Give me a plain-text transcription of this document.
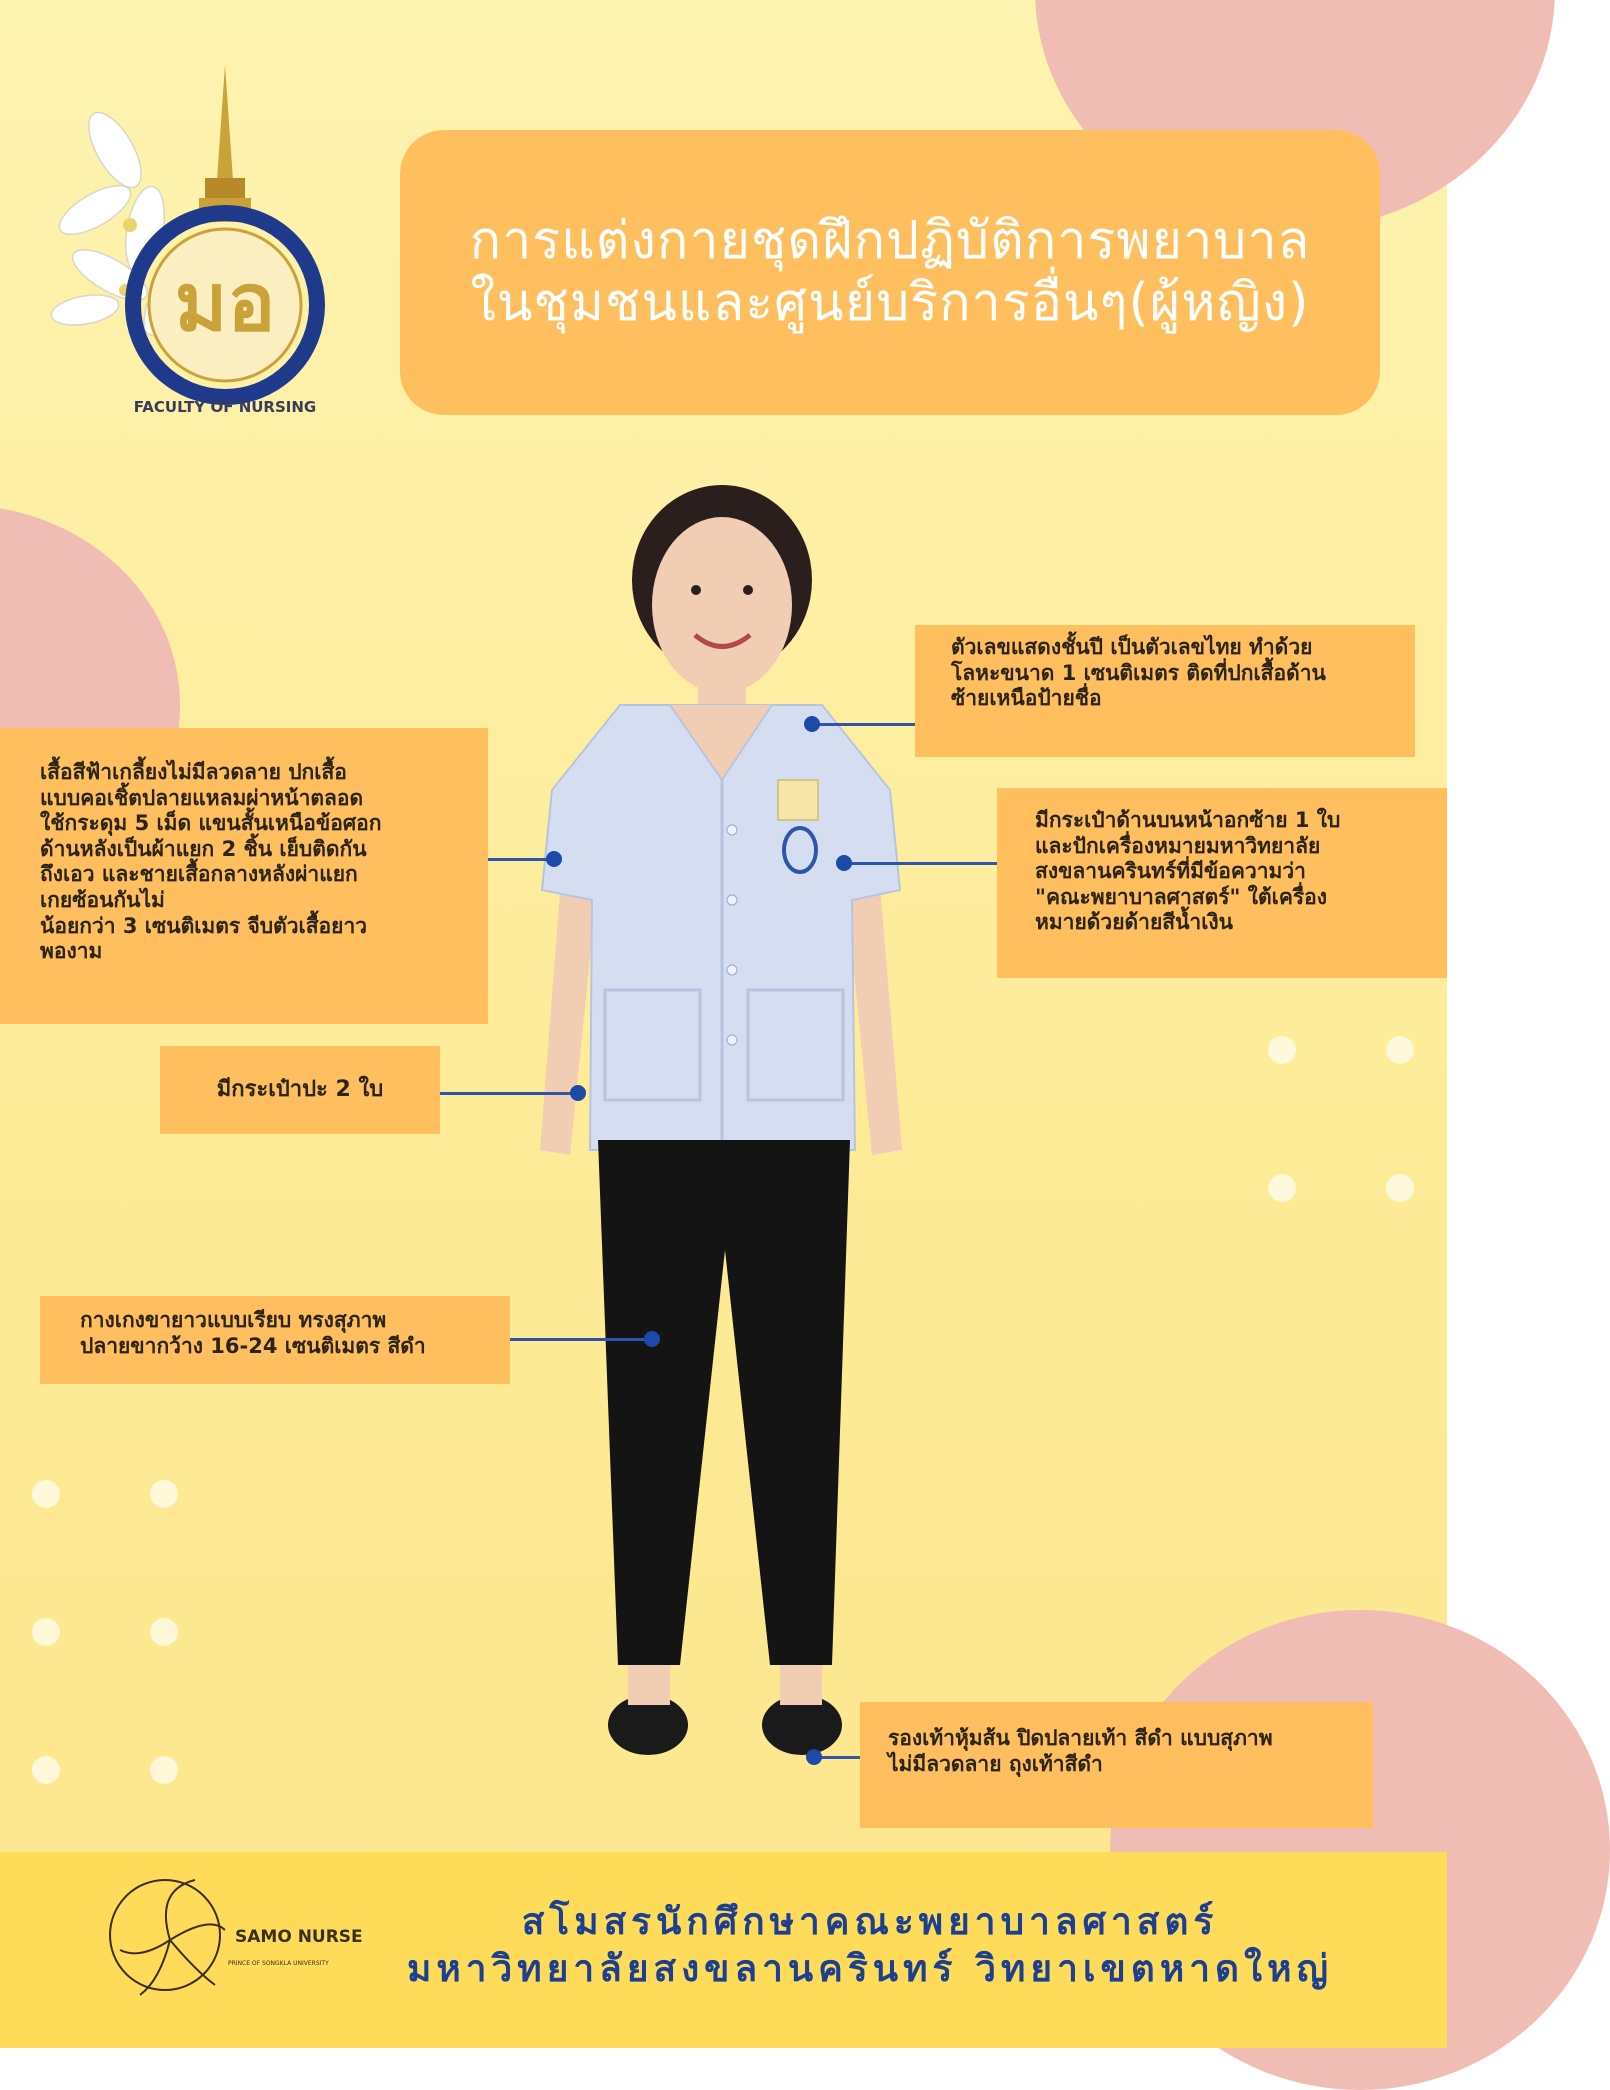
มอ
FACULTY OF NURSING
การแต่งกายชุดฝึกปฏิบัติการพยาบาล
ในชุมชนและศูนย์บริการอื่นๆ(ผู้หญิง)
ตัวเลขแสดงชั้นปี เป็นตัวเลขไทย ทำด้วย
โลหะขนาด 1 เซนติเมตร ติดที่ปกเสื้อด้าน
ซ้ายเหนือป้ายชื่อ
มีกระเป๋าด้านบนหน้าอกซ้าย 1 ใบ
และปักเครื่องหมายมหาวิทยาลัย
สงขลานครินทร์ที่มีข้อความว่า
"คณะพยาบาลศาสตร์" ใต้เครื่อง
หมายด้วยด้ายสีน้ำเงิน
เสื้อสีฟ้าเกลี้ยงไม่มีลวดลาย ปกเสื้อ
แบบคอเชิ้ตปลายแหลมผ่าหน้าตลอด
ใช้กระดุม 5 เม็ด แขนสั้นเหนือข้อศอก
ด้านหลังเป็นผ้าแยก 2 ชิ้น เย็บติดกัน
ถึงเอว และชายเสื้อกลางหลังผ่าแยก
เกยซ้อนกันไม่
น้อยกว่า 3 เซนติเมตร จีบตัวเสื้อยาว
พองาม
มีกระเป๋าปะ 2 ใบ
กางเกงขายาวแบบเรียบ ทรงสุภาพ
ปลายขากว้าง 16-24 เซนติเมตร สีดำ
รองเท้าหุ้มส้น ปิดปลายเท้า สีดำ แบบสุภาพ
ไม่มีลวดลาย ถุงเท้าสีดำ
SAMO NURSE
PRINCE OF SONGKLA UNIVERSITY
สโมสรนักศึกษาคณะพยาบาลศาสตร์
มหาวิทยาลัยสงขลานครินทร์ วิทยาเขตหาดใหญ่
